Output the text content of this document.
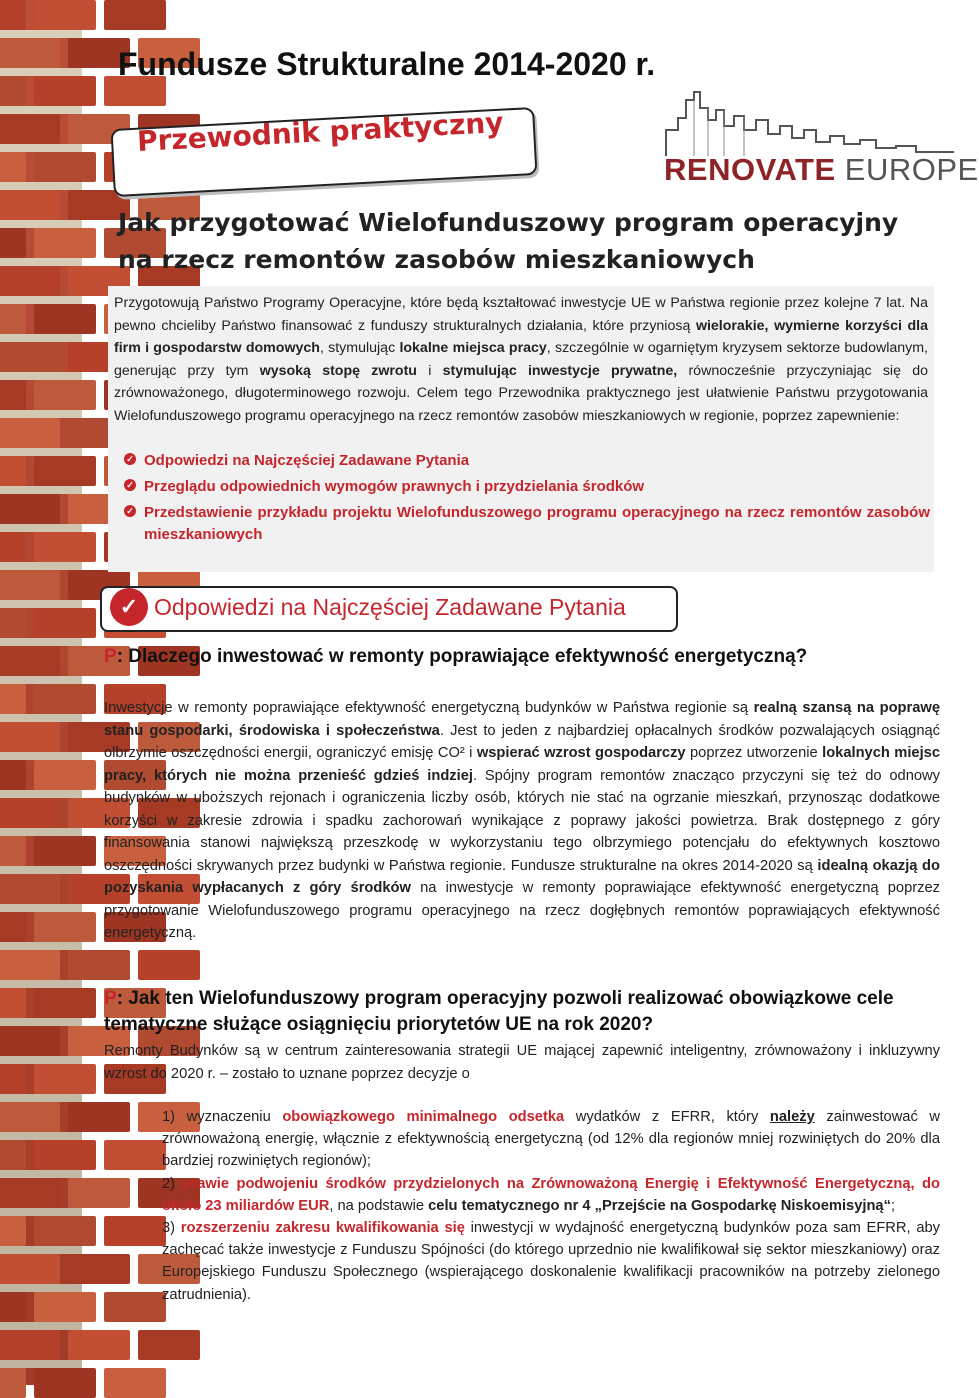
Fundusze Strukturalne 2014-2020 r.

Przewodnik praktyczny

RENOVATE EUROPE
Jak przygotować Wielofunduszowy program operacyjny na rzecz remontów zasobów mieszkaniowych

Przygotowują Państwo Programy Operacyjne, które będą kształtować inwestycje UE w Państwa regionie przez kolejne 7 lat. Na pewno chcieliby Państwo finansować z funduszy strukturalnych działania, które przyniosą wielorakie, wymierne korzyści dla firm i gospodarstw domowych, stymulując lokalne miejsca pracy, szczególnie w ogarniętym kryzysem sektorze budowlanym, generując przy tym wysoką stopę zwrotu i stymulując inwestycje prywatne, równocześnie przyczyniając się do zrównoważonego, długoterminowego rozwoju. Celem tego Przewodnika praktycznego jest ułatwienie Państwu przygotowania Wielofunduszowego programu operacyjnego na rzecz remontów zasobów mieszkaniowych w regionie, poprzez zapewnienie:

✓ Odpowiedzi na Najczęściej Zadawane Pytania
✓ Przeglądu odpowiednich wymogów prawnych i przydzielania środków
✓ Przedstawienie przykładu projektu Wielofunduszowego programu operacyjnego na rzecz remontów zasobów mieszkaniowych
✓ Odpowiedzi na Najczęściej Zadawane Pytania

P: Dlaczego inwestować w remonty poprawiające efektywność energetyczną?

Inwestycje w remonty poprawiające efektywność energetyczną budynków w Państwa regionie są realną szansą na poprawę stanu gospodarki, środowiska i społeczeństwa. Jest to jeden z najbardziej opłacalnych środków pozwalających osiągnąć olbrzymie oszczędności energii, ograniczyć emisję CO² i wspierać wzrost gospodarczy poprzez utworzenie lokalnych miejsc pracy, których nie można przenieść gdzieś indziej. Spójny program remontów znacząco przyczyni się też do odnowy budynków w uboższych rejonach i ograniczenia liczby osób, których nie stać na ogrzanie mieszkań, przynosząc dodatkowe korzyści w zakresie zdrowia i spadku zachorowań wynikające z poprawy jakości powietrza. Brak dostępnego z góry finansowania stanowi największą przeszkodę w wykorzystaniu tego olbrzymiego potencjału do efektywnych kosztowo oszczędności skrywanych przez budynki w Państwa regionie. Fundusze strukturalne na okres 2014-2020 są idealną okazją do pozyskania wypłacanych z góry środków na inwestycje w remonty poprawiające efektywność energetyczną poprzez przygotowanie Wielofunduszowego programu operacyjnego na rzecz dogłębnych remontów poprawiających efektywność energetyczną.

P: Jak ten Wielofunduszowy program operacyjny pozwoli realizować obowiązkowe cele tematyczne służące osiągnięciu priorytetów UE na rok 2020?

Remonty Budynków są w centrum zainteresowania strategii UE mającej zapewnić inteligentny, zrównoważony i inkluzywny wzrost do 2020 r. – zostało to uznane poprzez decyzje o

1) wyznaczeniu obowiązkowego minimalnego odsetka wydatków z EFRR, który należy zainwestować w zrównoważoną energię, włącznie z efektywnością energetyczną (od 12% dla regionów mniej rozwiniętych do 20% dla bardziej rozwiniętych regionów);
2) prawie podwojeniu środków przydzielonych na Zrównoważoną Energię i Efektywność Energetyczną, do około 23 miliardów EUR, na podstawie celu tematycznego nr 4 „Przejście na Gospodarkę Niskoemisyjną“;
3) rozszerzeniu zakresu kwalifikowania się inwestycji w wydajność energetyczną budynków poza sam EFRR, aby zachęcać także inwestycje z Funduszu Spójności (do którego uprzednio nie kwalifikował się sektor mieszkaniowy) oraz Europejskiego Funduszu Społecznego (wspierającego doskonalenie kwalifikacji pracowników na potrzeby zielonego zatrudnienia).
